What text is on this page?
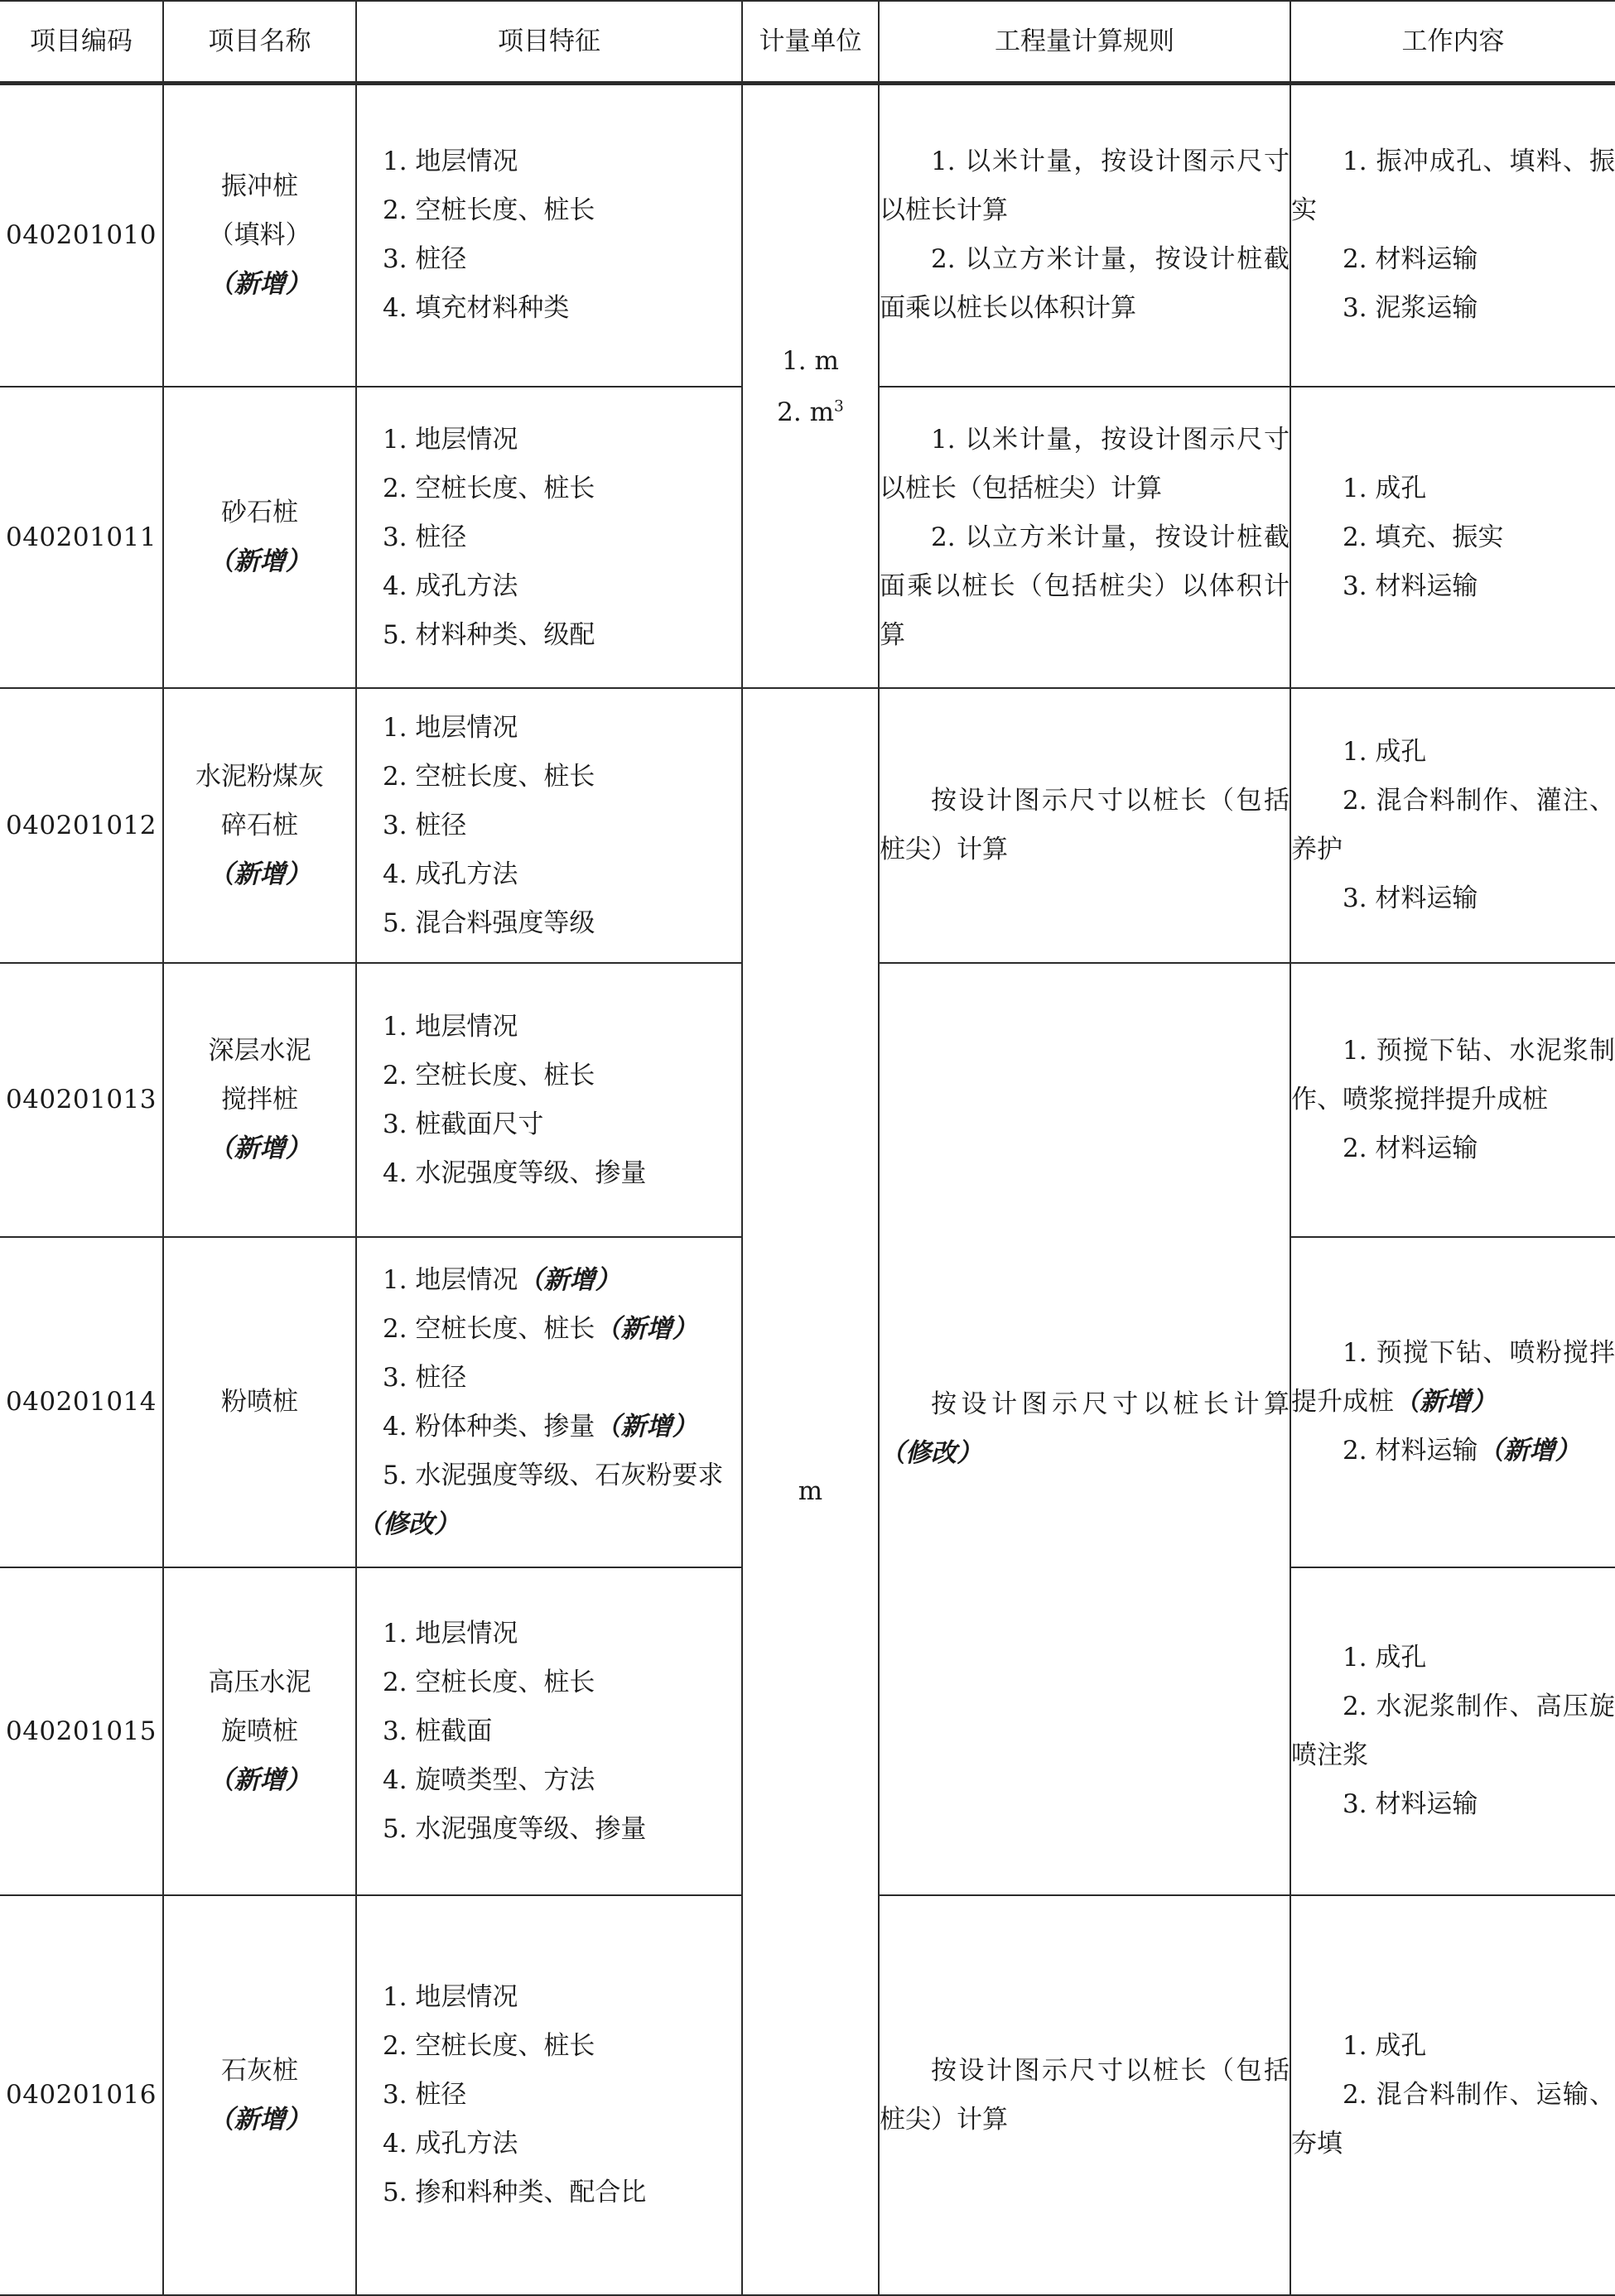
项目编码	项目名称	项目特征	计量单位	工程量计算规则	工作内容
040201010	振冲桩
（填料）
（新增）	1. 地层情况
2. 空桩长度、桩长
3. 桩径
4. 填充材料种类	1. m
2. $m^3$	1. 以米计量，按设计图示尺寸以桩长计算
2. 以立方米计量，按设计桩截面乘以桩长以体积计算	1. 振冲成孔、填料、振实
2. 材料运输
3. 泥浆运输

040201011	砂石桩
（新增）	1. 地层情况
2. 空桩长度、桩长
3. 桩径
4. 成孔方法
5. 材料种类、级配		1. 以米计量，按设计图示尺寸以桩长（包括桩尖）计算
2. 以立方米计量，按设计桩截面乘以桩长（包括桩尖）以体积计算	1. 成孔
2. 填充、振实
3. 材料运输

040201012	水泥粉煤灰
碎石桩
（新增）	1. 地层情况
2. 空桩长度、桩长
3. 桩径
4. 成孔方法
5. 混合料强度等级	m	按设计图示尺寸以桩长（包括桩尖）计算	1. 成孔
2. 混合料制作、灌注、养护
3. 材料运输

040201013	深层水泥
搅拌桩
（新增）	1. 地层情况
2. 空桩长度、桩长
3. 桩截面尺寸
4. 水泥强度等级、掺量		按设计图示尺寸以桩长计算（修改）	1. 预搅下钻、水泥浆制作、喷浆搅拌提升成桩
2. 材料运输

040201014	粉喷桩	1. 地层情况（新增）
2. 空桩长度、桩长（新增）
3. 桩径
4. 粉体种类、掺量（新增）
5. 水泥强度等级、石灰粉要求（修改）			1. 预搅下钻、喷粉搅拌提升成桩（新增）
2. 材料运输（新增）

040201015	高压水泥
旋喷桩
（新增）	1. 地层情况
2. 空桩长度、桩长
3. 桩截面
4. 旋喷类型、方法
5. 水泥强度等级、掺量			1. 成孔
2. 水泥浆制作、高压旋喷注浆
3. 材料运输

040201016	石灰桩
（新增）	1. 地层情况
2. 空桩长度、桩长
3. 桩径
4. 成孔方法
5. 掺和料种类、配合比		按设计图示尺寸以桩长（包括桩尖）计算	1. 成孔
2. 混合料制作、运输、夯填
